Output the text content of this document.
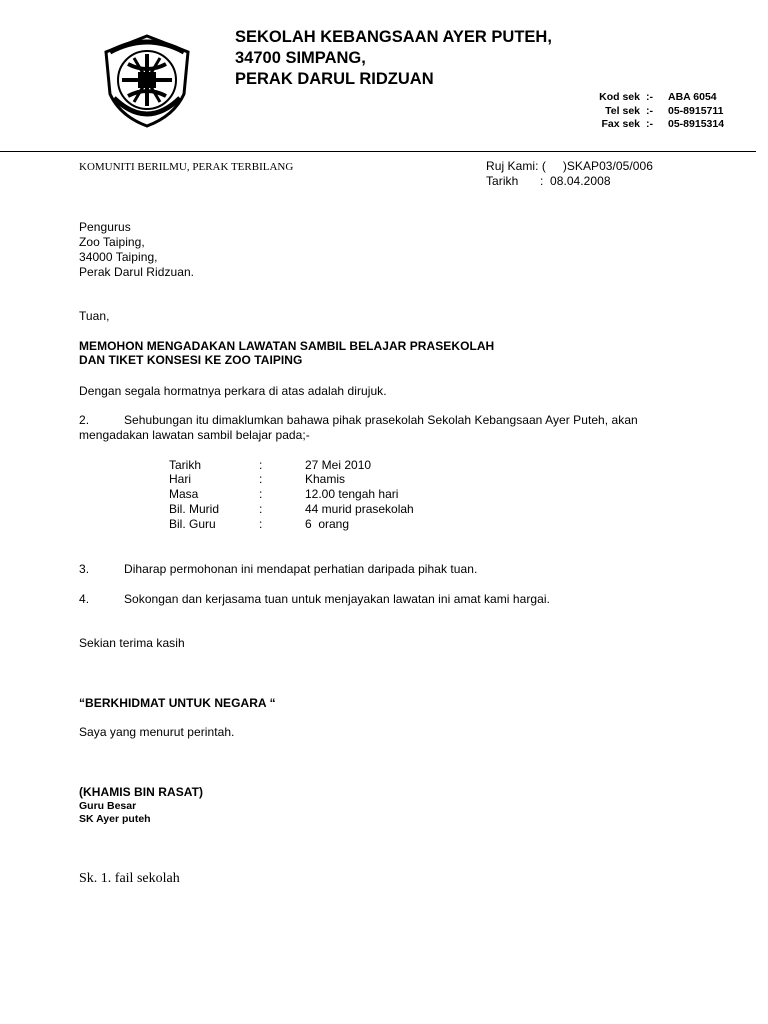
SEKOLAH KEBANGSAAN AYER PUTEH,
34700 SIMPANG,
PERAK DARUL RIDZUAN
Kod sek :- ABA 6054
Tel sek :- 05-8915711
Fax sek :- 05-8915314
KOMUNITI BERILMU, PERAK TERBILANG	Ruj Kami: (     )SKAP03/05/006
Tarikh : 08.04.2008
Pengurus
Zoo Taiping,
34000 Taiping,
Perak Darul Ridzuan.
Tuan,
MEMOHON MENGADAKAN LAWATAN SAMBIL BELAJAR PRASEKOLAH
DAN TIKET KONSESI KE ZOO TAIPING
Dengan segala hormatnya perkara di atas adalah dirujuk.
2.	Sehubungan itu dimaklumkan bahawa pihak prasekolah Sekolah Kebangsaan Ayer Puteh, akan
mengadakan lawatan sambil belajar pada;-
Tarikh	:	27 Mei 2010
Hari	:	Khamis
Masa	:	12.00 tengah hari
Bil. Murid	:	44 murid prasekolah
Bil. Guru	:	6  orang
3.	Diharap permohonan ini mendapat perhatian daripada pihak tuan.
4.	Sokongan dan kerjasama tuan untuk menjayakan lawatan ini amat kami hargai.
Sekian terima kasih
“BERKHIDMAT UNTUK NEGARA “
Saya yang menurut perintah.
(KHAMIS BIN RASAT)
Guru Besar
SK Ayer puteh
Sk. 1. fail sekolah
